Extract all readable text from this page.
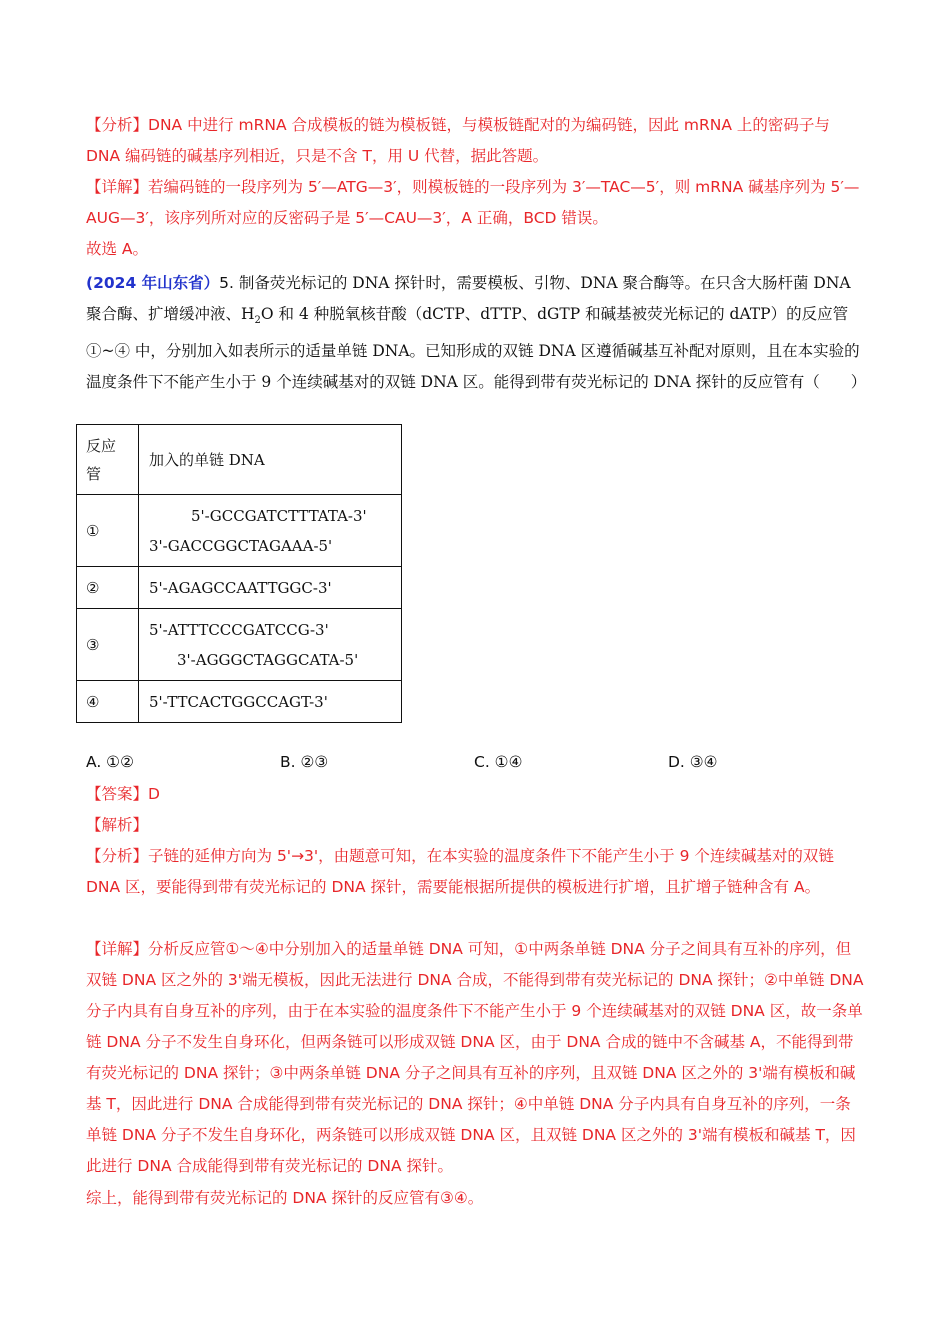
【分析】DNA 中进行 mRNA 合成模板的链为模板链，与模板链配对的为编码链，因此 mRNA 上的密码子与 DNA 编码链的碱基序列相近，只是不含 T，用 U 代替，据此答题。

【详解】若编码链的一段序列为 5′—ATG—3′，则模板链的一段序列为 3′—TAC—5′，则 mRNA 碱基序列为 5′—AUG—3′，该序列所对应的反密码子是 5′—CAU—3′，A 正确，BCD 错误。

故选 A。

(2024 年山东省）5. 制备荧光标记的 DNA 探针时，需要模板、引物、DNA 聚合酶等。在只含大肠杆菌 DNA 聚合酶、扩增缓冲液、$H_2O$ 和 4 种脱氧核苷酸（dCTP、dTTP、dGTP 和碱基被荧光标记的 dATP）的反应管①~④ 中，分别加入如表所示的适量单链 DNA。已知形成的双链 DNA 区遵循碱基互补配对原则，且在本实验的温度条件下不能产生小于 9 个连续碱基对的双链 DNA 区。能得到带有荧光标记的 DNA 探针的反应管有（　　）

反应
管	加入的单链 DNA
①	5'-GCCGATCTTTATA-3'
3'-GACCGGCTAGAAA-5'

②	5'-AGAGCCAATTGGC-3'
③	5'-ATTTCCCGATCCG-3'
3'-AGGGCTAGGCATA-5'

④	5'-TTCACTGGCCAGT-3'
A. ①②	B. ②③	C. ①④	D. ③④

【答案】D

【解析】

【分析】子链的延伸方向为 5'→3'，由题意可知，在本实验的温度条件下不能产生小于 9 个连续碱基对的双链 DNA 区，要能得到带有荧光标记的 DNA 探针，需要能根据所提供的模板进行扩增，且扩增子链种含有 A。

【详解】分析反应管①～④中分别加入的适量单链 DNA 可知，①中两条单链 DNA 分子之间具有互补的序列，但双链 DNA 区之外的 3'端无模板，因此无法进行 DNA 合成，不能得到带有荧光标记的 DNA 探针；②中单链 DNA 分子内具有自身互补的序列，由于在本实验的温度条件下不能产生小于 9 个连续碱基对的双链 DNA 区，故一条单链 DNA 分子不发生自身环化，但两条链可以形成双链 DNA 区，由于 DNA 合成的链中不含碱基 A，不能得到带有荧光标记的 DNA 探针；③中两条单链 DNA 分子之间具有互补的序列，且双链 DNA 区之外的 3'端有模板和碱基 T，因此进行 DNA 合成能得到带有荧光标记的 DNA 探针；④中单链 DNA 分子内具有自身互补的序列，一条单链 DNA 分子不发生自身环化，两条链可以形成双链 DNA 区，且双链 DNA 区之外的 3'端有模板和碱基 T，因此进行 DNA 合成能得到带有荧光标记的 DNA 探针。

综上，能得到带有荧光标记的 DNA 探针的反应管有③④。
